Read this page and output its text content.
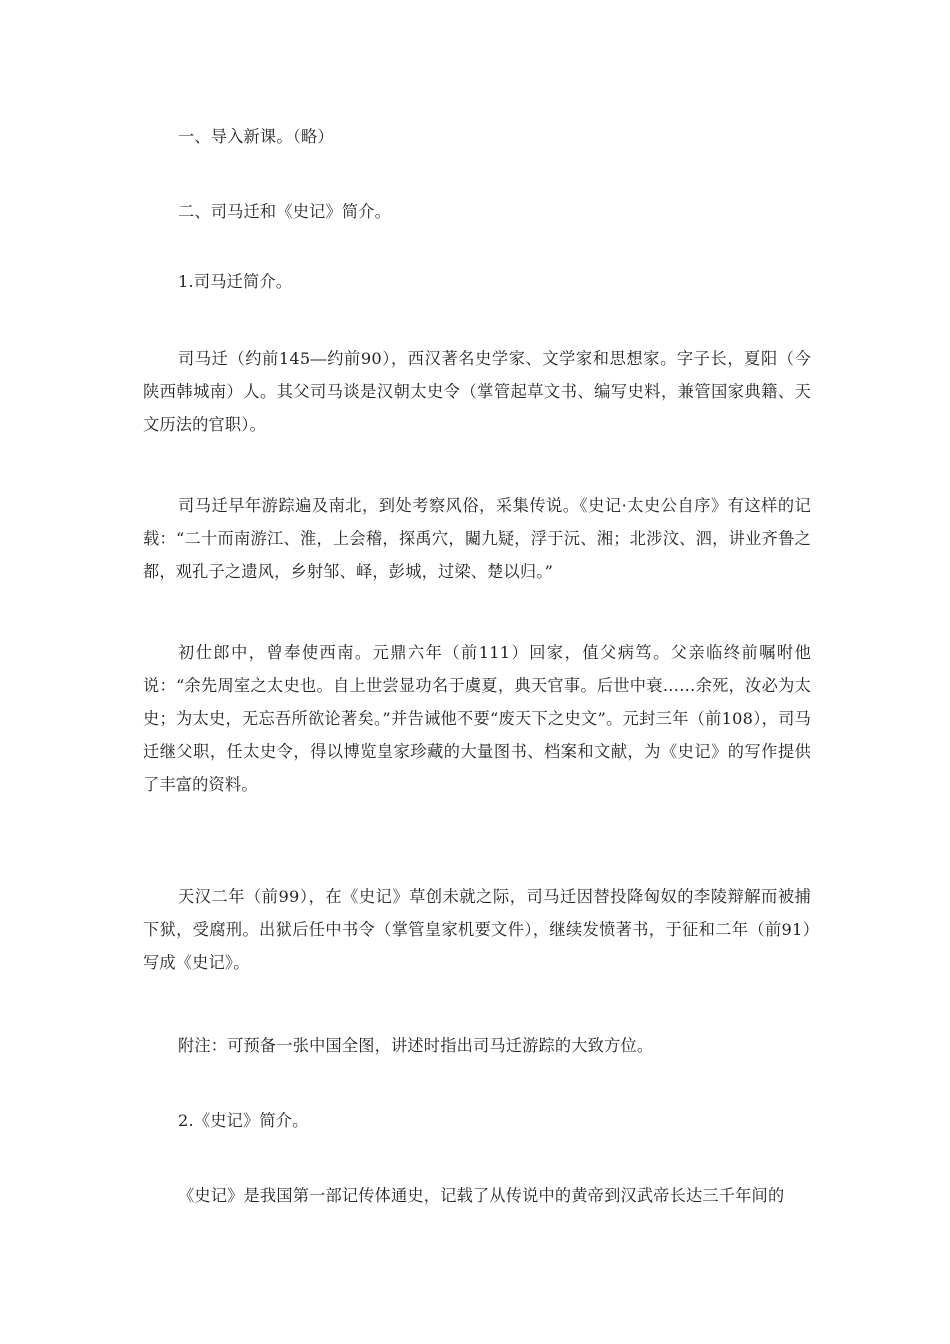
一、导入新课。（略）

二、司马迁和《史记》简介。

1.司马迁简介。

司马迁（约前145―约前90），西汉著名史学家、文学家和思想家。字子长，夏阳（今陕西韩城南）人。其父司马谈是汉朝太史令（掌管起草文书、编写史料，兼管国家典籍、天文历法的官职）。

司马迁早年游踪遍及南北，到处考察风俗，采集传说。《史记·太史公自序》有这样的记载：“二十而南游江、淮，上会稽，探禹穴，闚九疑，浮于沅、湘；北涉汶、泗，讲业齐鲁之都，观孔子之遗风，乡射邹、峄，彭城，过梁、楚以归。”

初仕郎中，曾奉使西南。元鼎六年（前111）回家，值父病笃。父亲临终前嘱咐他说：“余先周室之太史也。自上世尝显功名于虞夏，典天官事。后世中衰……余死，汝必为太史；为太史，无忘吾所欲论著矣。”并告诫他不要“废天下之史文”。元封三年（前108），司马迁继父职，任太史令，得以博览皇家珍藏的大量图书、档案和文献，为《史记》的写作提供了丰富的资料。

天汉二年（前99），在《史记》草创未就之际，司马迁因替投降匈奴的李陵辩解而被捕下狱，受腐刑。出狱后任中书令（掌管皇家机要文件），继续发愤著书，于征和二年（前91）写成《史记》。

附注：可预备一张中国全图，讲述时指出司马迁游踪的大致方位。

2.《史记》简介。

《史记》是我国第一部记传体通史，记载了从传说中的黄帝到汉武帝长达三千年间的
